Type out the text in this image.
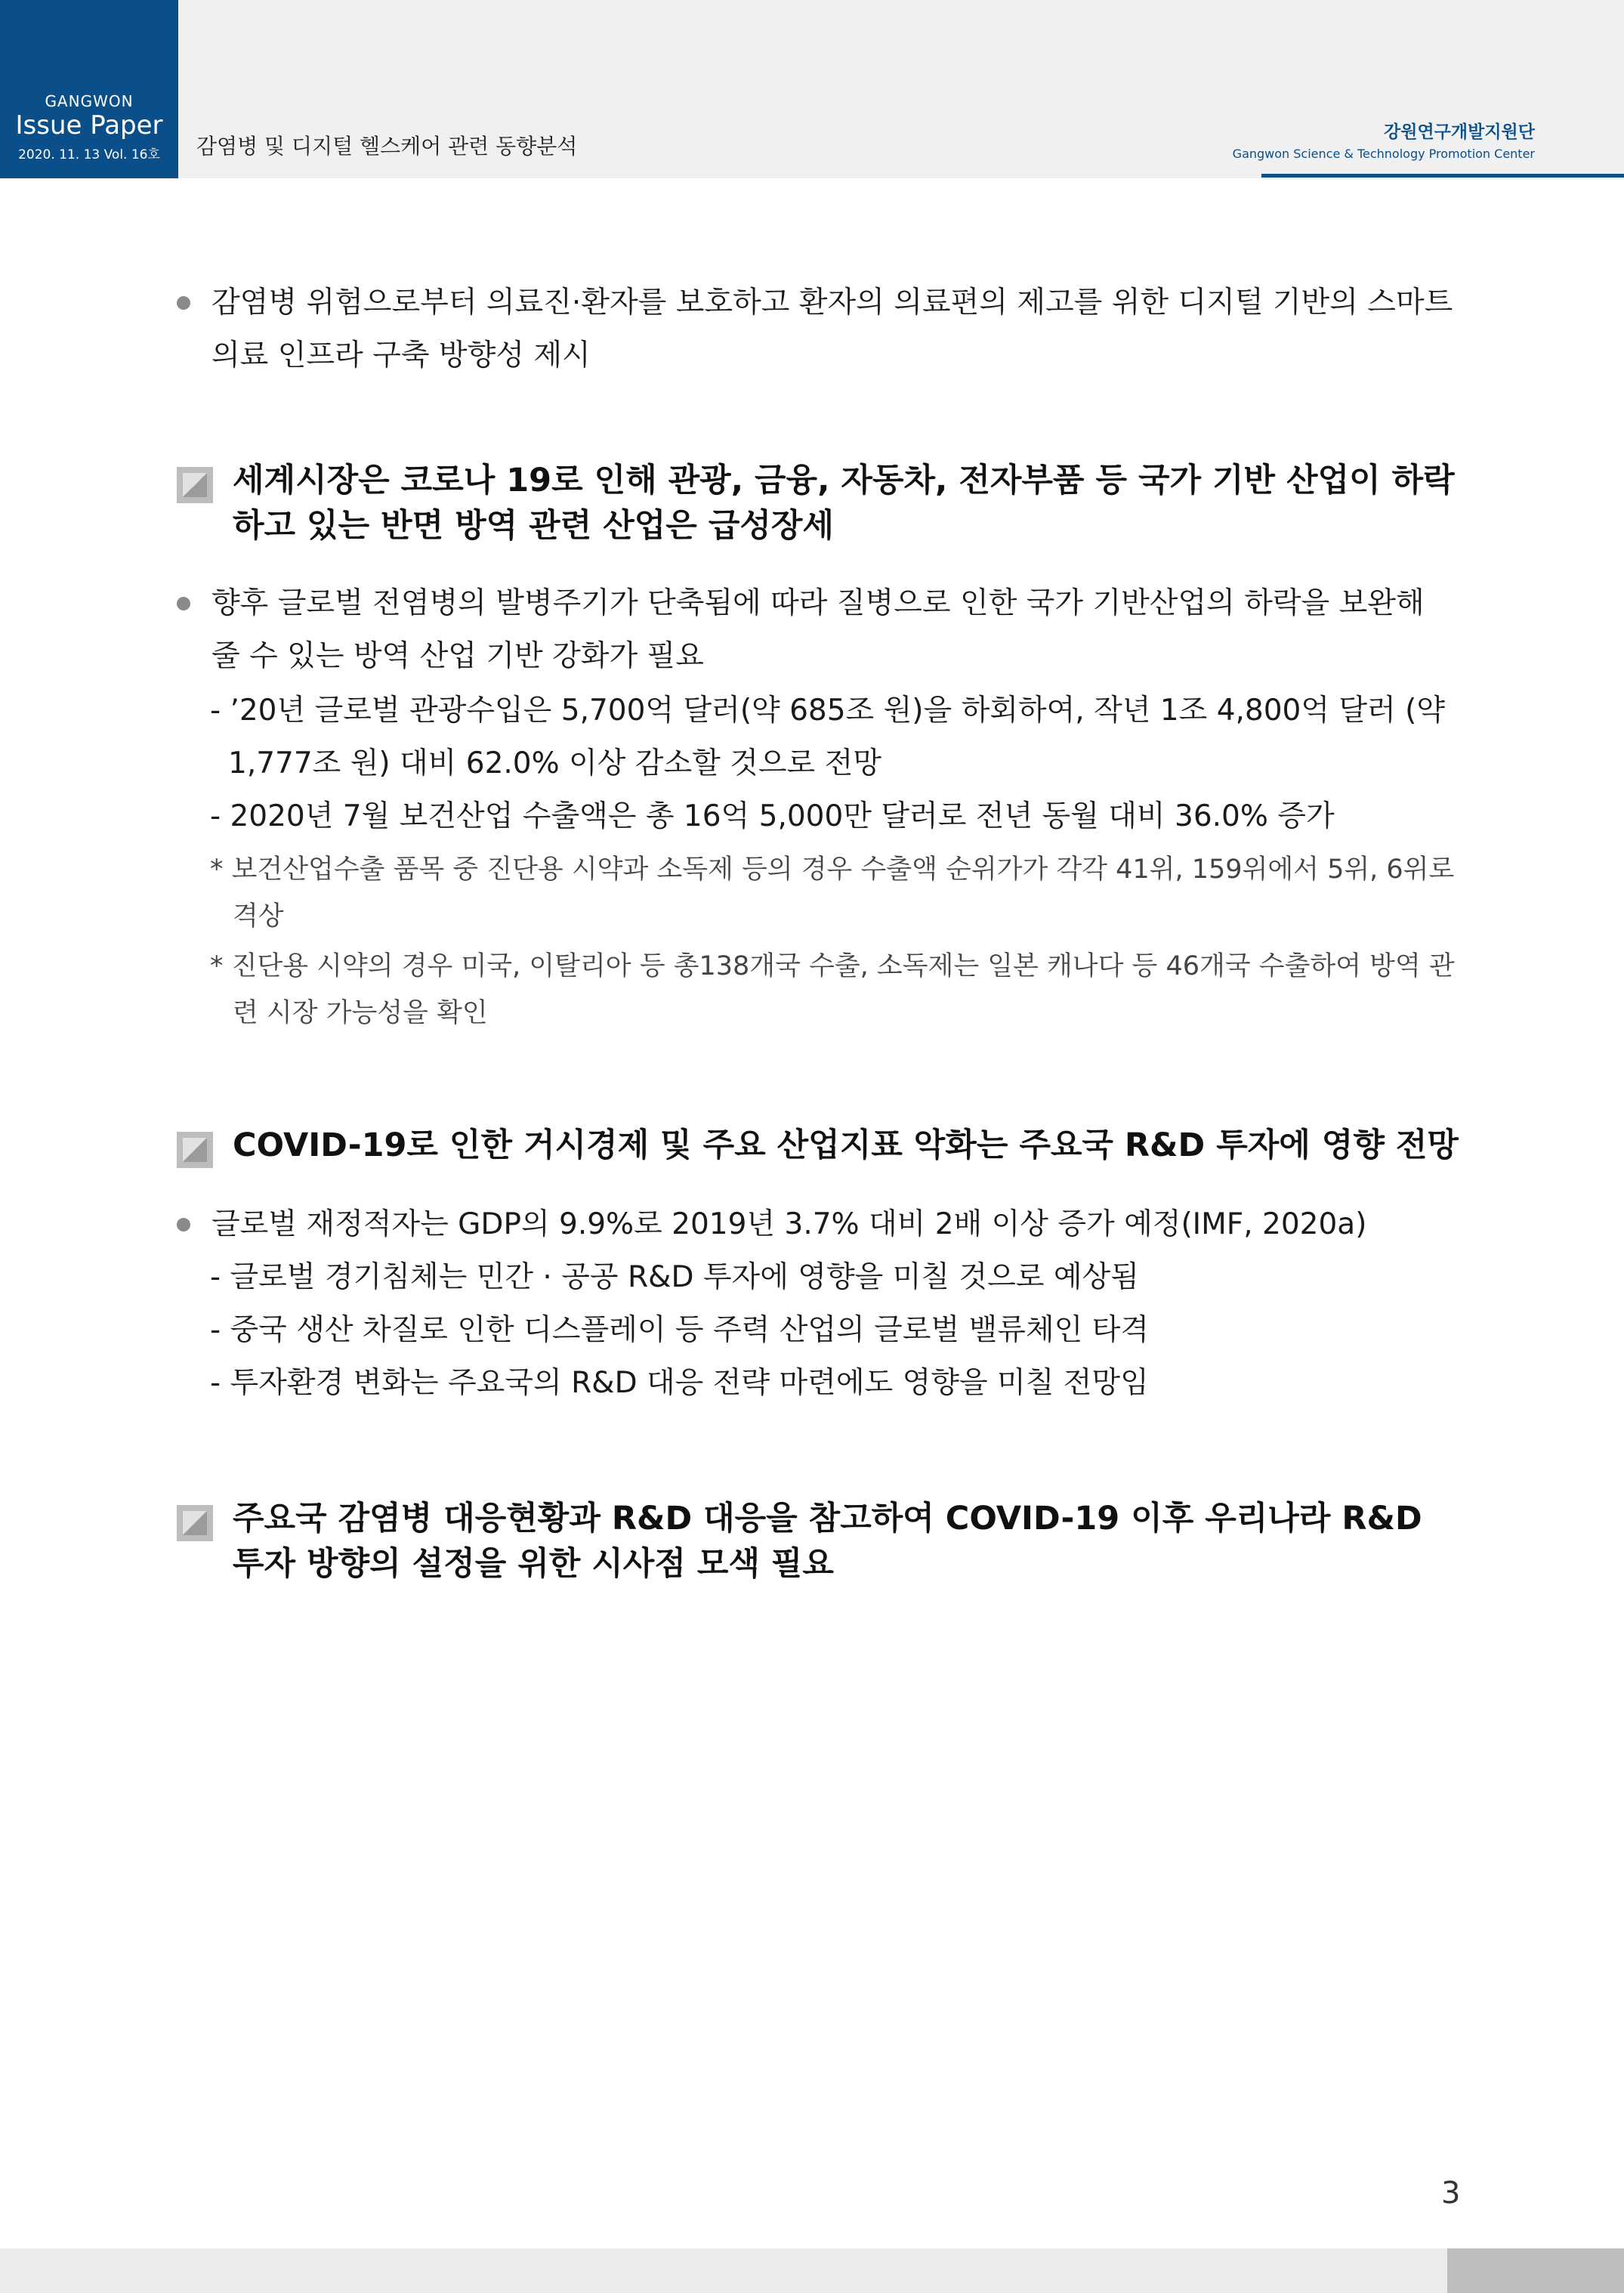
GANGWON
Issue Paper
2020. 11. 13 Vol. 16호	감염병 및 디지털 헬스케어 관련 동향분석
강원연구개발지원단
Gangwon Science & Technology Promotion Center
감염병 위험으로부터 의료진·환자를 보호하고 환자의 의료편의 제고를 위한 디지털 기반의 스마트 의료 인프라 구축 방향성 제시
세계시장은 코로나 19로 인해 관광, 금융, 자동차, 전자부품 등 국가 기반 산업이 하락하고 있는 반면 방역 관련 산업은 급성장세
향후 글로벌 전염병의 발병주기가 단축됨에 따라 질병으로 인한 국가 기반산업의 하락을 보완해 줄 수 있는 방역 산업 기반 강화가 필요
- ’20년 글로벌 관광수입은 5,700억 달러(약 685조 원)을 하회하여, 작년 1조 4,800억 달러 (약 1,777조 원) 대비 62.0% 이상 감소할 것으로 전망
- 2020년 7월 보건산업 수출액은 총 16억 5,000만 달러로 전년 동월 대비 36.0% 증가
* 보건산업수출 품목 중 진단용 시약과 소독제 등의 경우 수출액 순위가가 각각 41위, 159위에서 5위, 6위로 격상
* 진단용 시약의 경우 미국, 이탈리아 등 총138개국 수출, 소독제는 일본 캐나다 등 46개국 수출하여 방역 관련 시장 가능성을 확인
COVID-19로 인한 거시경제 및 주요 산업지표 악화는 주요국 R&D 투자에 영향 전망
글로벌 재정적자는 GDP의 9.9%로 2019년 3.7% 대비 2배 이상 증가 예정(IMF, 2020a)
- 글로벌 경기침체는 민간 · 공공 R&D 투자에 영향을 미칠 것으로 예상됨
- 중국 생산 차질로 인한 디스플레이 등 주력 산업의 글로벌 밸류체인 타격
- 투자환경 변화는 주요국의 R&D 대응 전략 마련에도 영향을 미칠 전망임
주요국 감염병 대응현황과 R&D 대응을 참고하여 COVID-19 이후 우리나라 R&D 투자 방향의 설정을 위한 시사점 모색 필요
3
